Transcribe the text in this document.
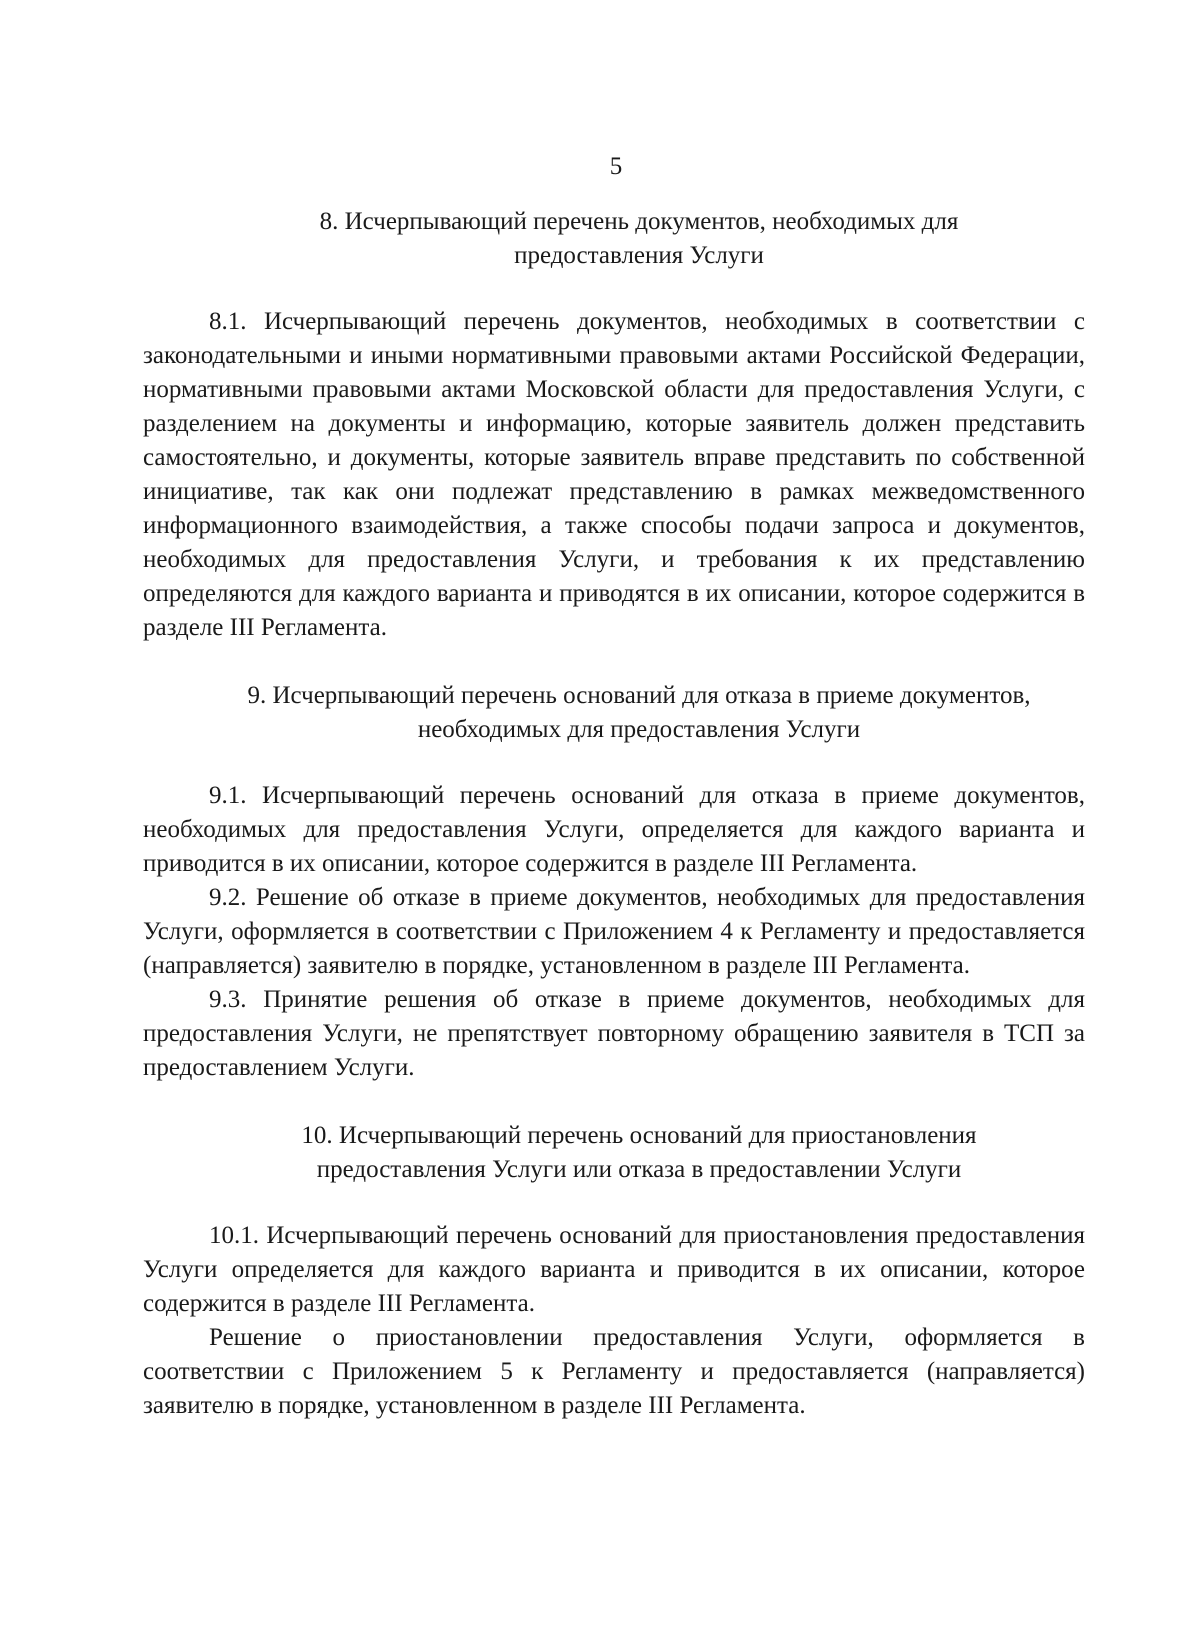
5
8. Исчерпывающий перечень документов, необходимых для предоставления Услуги

8.1. Исчерпывающий перечень документов, необходимых в соответствии с законодательными и иными нормативными правовыми актами Российской Федерации, нормативными правовыми актами Московской области для предоставления Услуги, с разделением на документы и информацию, которые заявитель должен представить самостоятельно, и документы, которые заявитель вправе представить по собственной инициативе, так как они подлежат представлению в рамках межведомственного информационного взаимодействия, а также способы подачи запроса и документов, необходимых для предоставления Услуги, и требования к их представлению определяются для каждого варианта и приводятся в их описании, которое содержится в разделе III Регламента.

9. Исчерпывающий перечень оснований для отказа в приеме документов, необходимых для предоставления Услуги

9.1. Исчерпывающий перечень оснований для отказа в приеме документов, необходимых для предоставления Услуги, определяется для каждого варианта и приводится в их описании, которое содержится в разделе III Регламента.

9.2. Решение об отказе в приеме документов, необходимых для предоставления Услуги, оформляется в соответствии с Приложением 4 к Регламенту и предоставляется (направляется) заявителю в порядке, установленном в разделе III Регламента.

9.3. Принятие решения об отказе в приеме документов, необходимых для предоставления Услуги, не препятствует повторному обращению заявителя в ТСП за предоставлением Услуги.

10. Исчерпывающий перечень оснований для приостановления предоставления Услуги или отказа в предоставлении Услуги

10.1. Исчерпывающий перечень оснований для приостановления предоставления Услуги определяется для каждого варианта и приводится в их описании, которое содержится в разделе III Регламента.

Решение о приостановлении предоставления Услуги, оформляется в соответствии с Приложением 5 к Регламенту и предоставляется (направляется) заявителю в порядке, установленном в разделе III Регламента.
